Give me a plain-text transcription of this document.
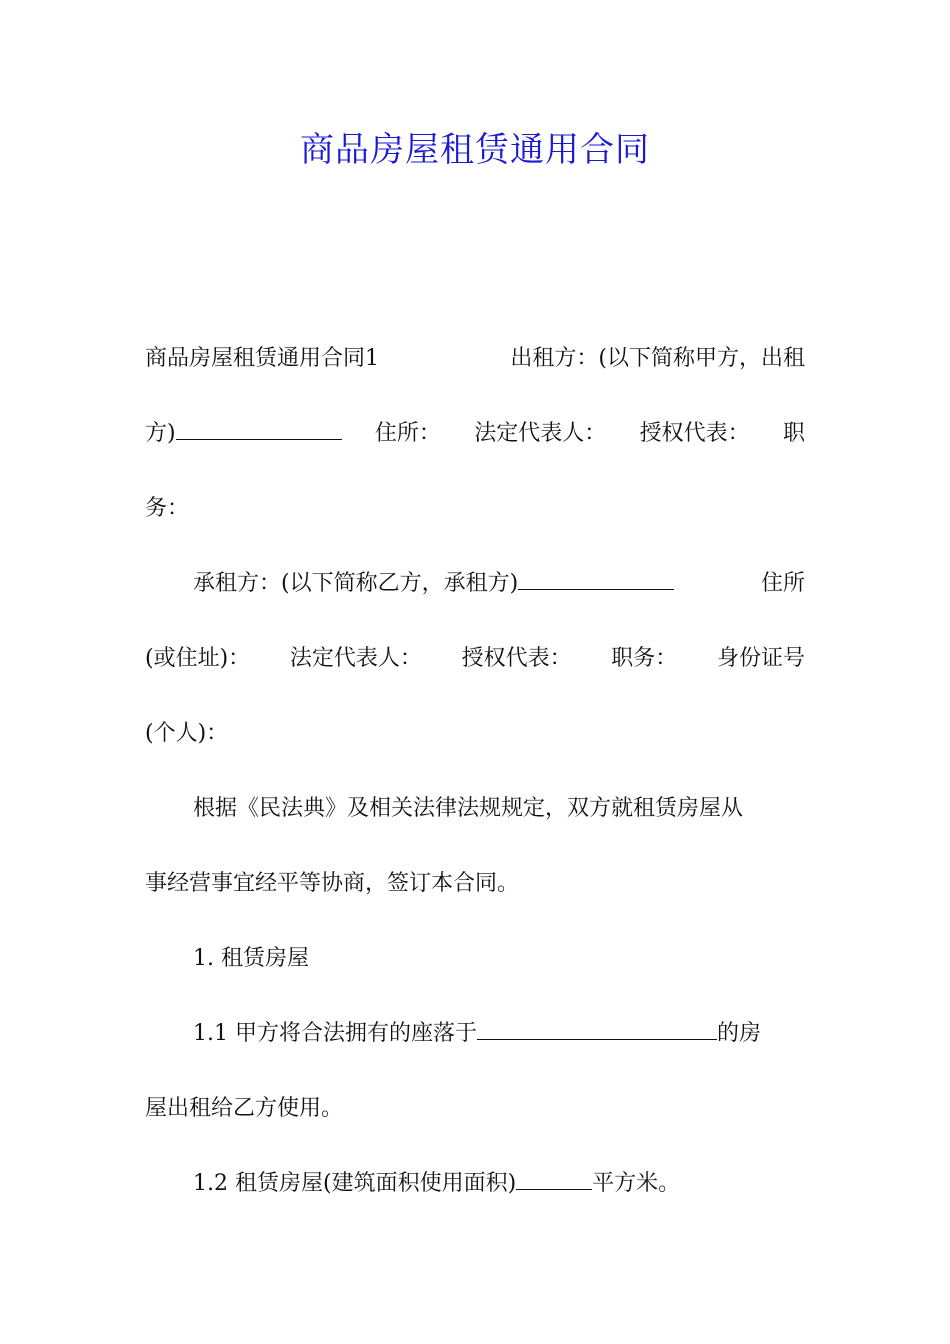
商品房屋租赁通用合同
商品房屋租赁通用合同1	出租方：(以下简称甲方，出租
方)	住所： 法定代表人： 授权代表： 职
务：
承租方：(以下简称乙方，承租方)	住所
(或住址)： 法定代表人： 授权代表： 职务： 身份证号
(个人)：
根据《民法典》及相关法律法规规定，双方就租赁房屋从
事经营事宜经平等协商，签订本合同。
1. 租赁房屋
1.1 甲方将合法拥有的座落于	的房
屋出租给乙方使用。
1.2 租赁房屋(建筑面积使用面积)	平方米。
